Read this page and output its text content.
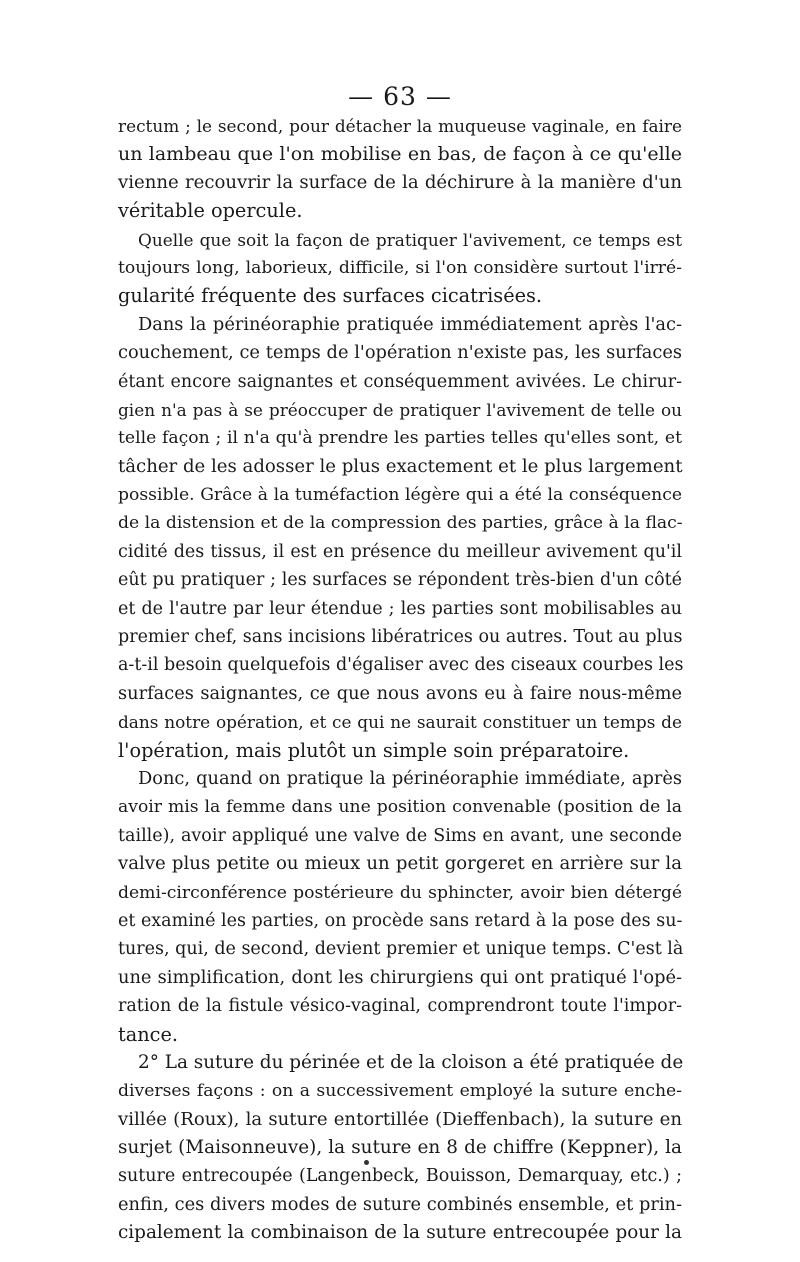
— 63 —
rectum ; le second, pour détacher la muqueuse vaginale, en faire
un lambeau que l'on mobilise en bas, de façon à ce qu'elle
vienne recouvrir la surface de la déchirure à la manière d'un
véritable opercule.
Quelle que soit la façon de pratiquer l'avivement, ce temps est
toujours long, laborieux, difficile, si l'on considère surtout l'irré-
gularité fréquente des surfaces cicatrisées.
Dans la périnéoraphie pratiquée immédiatement après l'ac-
couchement, ce temps de l'opération n'existe pas, les surfaces
étant encore saignantes et conséquemment avivées. Le chirur-
gien n'a pas à se préoccuper de pratiquer l'avivement de telle ou
telle façon ; il n'a qu'à prendre les parties telles qu'elles sont, et
tâcher de les adosser le plus exactement et le plus largement
possible. Grâce à la tuméfaction légère qui a été la conséquence
de la distension et de la compression des parties, grâce à la flac-
cidité des tissus, il est en présence du meilleur avivement qu'il
eût pu pratiquer ; les surfaces se répondent très-bien d'un côté
et de l'autre par leur étendue ; les parties sont mobilisables au
premier chef, sans incisions libératrices ou autres. Tout au plus
a-t-il besoin quelquefois d'égaliser avec des ciseaux courbes les
surfaces saignantes, ce que nous avons eu à faire nous-même
dans notre opération, et ce qui ne saurait constituer un temps de
l'opération, mais plutôt un simple soin préparatoire.
Donc, quand on pratique la périnéoraphie immédiate, après
avoir mis la femme dans une position convenable (position de la
taille), avoir appliqué une valve de Sims en avant, une seconde
valve plus petite ou mieux un petit gorgeret en arrière sur la
demi-circonférence postérieure du sphincter, avoir bien détergé
et examiné les parties, on procède sans retard à la pose des su-
tures, qui, de second, devient premier et unique temps. C'est là
une simplification, dont les chirurgiens qui ont pratiqué l'opé-
ration de la fistule vésico-vaginal, comprendront toute l'impor-
tance.
2° La suture du périnée et de la cloison a été pratiquée de
diverses façons : on a successivement employé la suture enche-
villée (Roux), la suture entortillée (Dieffenbach), la suture en
surjet (Maisonneuve), la suture en 8 de chiffre (Keppner), la
suture entrecoupée (Langenbeck, Bouisson, Demarquay, etc.) ;
enfin, ces divers modes de suture combinés ensemble, et prin-
cipalement la combinaison de la suture entrecoupée pour la
